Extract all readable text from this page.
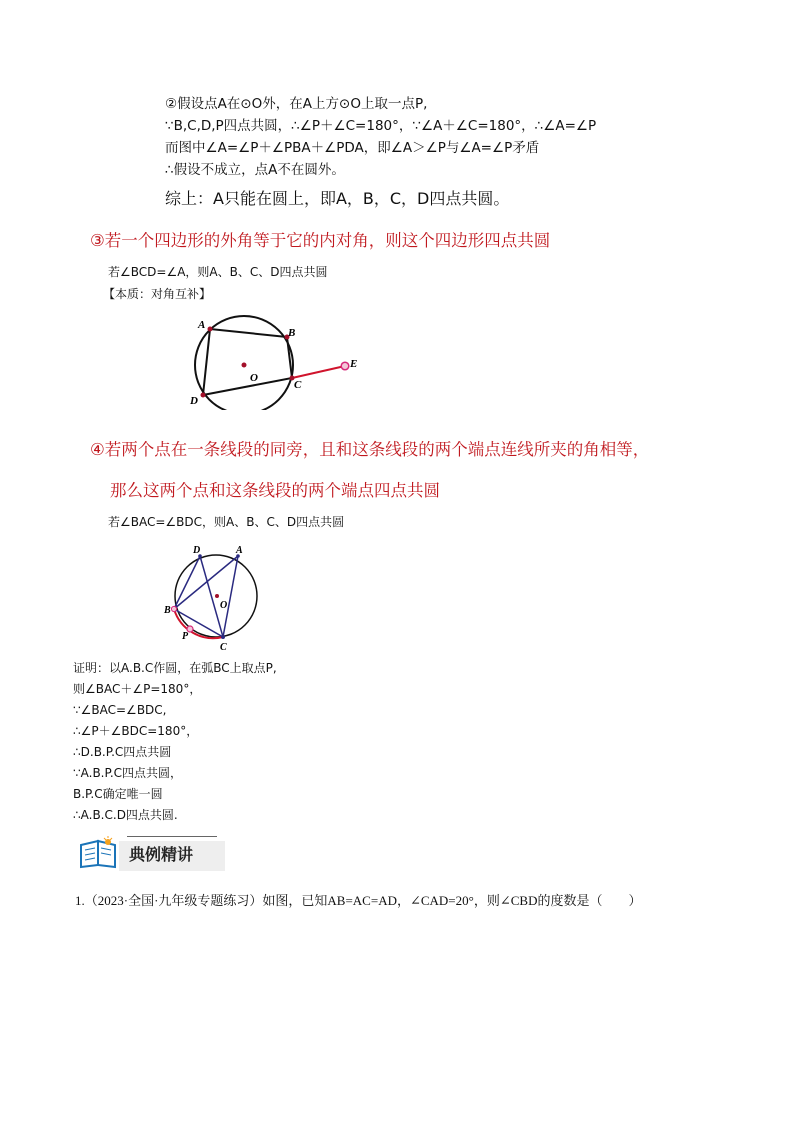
②假设点A在⊙O外，在A上方⊙O上取一点P,
∵B,C,D,P四点共圆，∴∠P＋∠C=180°，∵∠A＋∠C=180°，∴∠A=∠P
而图中∠A=∠P＋∠PBA＋∠PDA，即∠A＞∠P与∠A=∠P矛盾
∴假设不成立，点A不在圆外。
综上：A只能在圆上，即A，B，C，D四点共圆。
③若一个四边形的外角等于它的内对角，则这个四边形四点共圆
若∠BCD=∠A，则A、B、C、D四点共圆
【本质：对角互补】
A
B
C
D
O
E
④若两个点在一条线段的同旁，且和这条线段的两个端点连线所夹的角相等，
那么这两个点和这条线段的两个端点四点共圆
若∠BAC=∠BDC，则A、B、C、D四点共圆
D	A
B
C
P
O
证明：以A.B.C作圆，在弧BC上取点P,
则∠BAC＋∠P=180°，
∵∠BAC=∠BDC,
∴∠P＋∠BDC=180°，
∴D.B.P.C四点共圆
∵A.B.P.C四点共圆，
B.P.C确定唯一圆
∴A.B.C.D四点共圆.
典例精讲
1.（2023·全国·九年级专题练习）如图，已知AB=AC=AD，∠CAD=20°，则∠CBD的度数是（　　）
